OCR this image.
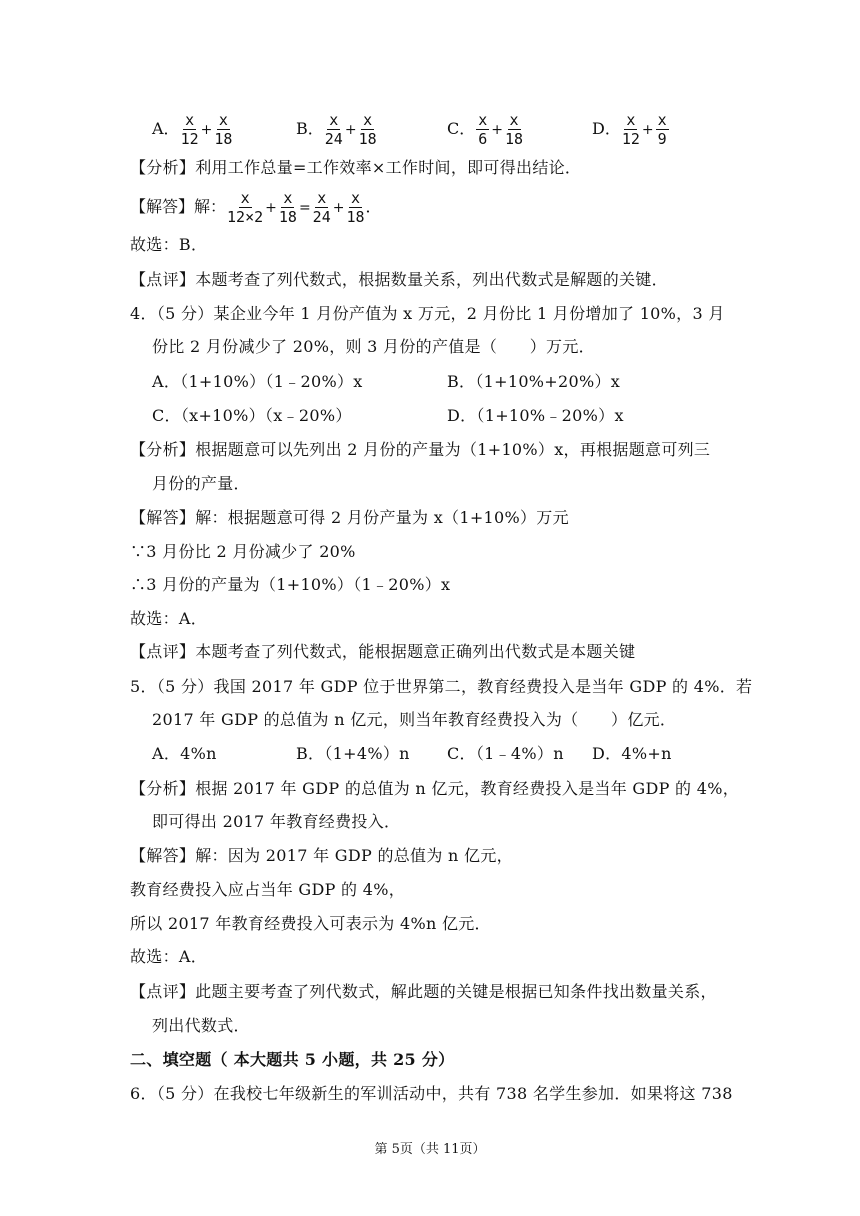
A． $\frac{x}{12} + \frac{x}{18}$	B． $\frac{x}{24} + \frac{x}{18}$	C． $\frac{x}{6} + \frac{x}{18}$	D． $\frac{x}{12} + \frac{x}{9}$
【分析】利用工作总量=工作效率×工作时间，即可得出结论．
【解答】解： $\frac{x}{12\times 2} + \frac{x}{18} = \frac{x}{24} + \frac{x}{18}$ ．
故选：B．
【点评】本题考查了列代数式，根据数量关系，列出代数式是解题的关键．
4．（5 分）某企业今年 1 月份产值为 x 万元，2 月份比 1 月份增加了 10%，3 月
份比 2 月份减少了 20%，则 3 月份的产值是（　　）万元．
A．（1+10%）（1﹣20%）x	B．（1+10%+20%）x
C．（x+10%）（x﹣20%）	D．（1+10%﹣20%）x
【分析】根据题意可以先列出 2 月份的产量为（1+10%）x，再根据题意可列三
月份的产量．
【解答】解：根据题意可得 2 月份产量为 x（1+10%）万元
∵3 月份比 2 月份减少了 20%
∴3 月份的产量为（1+10%）（1﹣20%）x
故选：A．
【点评】本题考查了列代数式，能根据题意正确列出代数式是本题关键
5．（5 分）我国 2017 年 GDP 位于世界第二，教育经费投入是当年 GDP 的 4%．若
2017 年 GDP 的总值为 n 亿元，则当年教育经费投入为（　　）亿元．
A．4%n	B．（1+4%）n C．（1﹣4%）n D．4%+n
【分析】根据 2017 年 GDP 的总值为 n 亿元，教育经费投入是当年 GDP 的 4%，
即可得出 2017 年教育经费投入．
【解答】解：因为 2017 年 GDP 的总值为 n 亿元，
教育经费投入应占当年 GDP 的 4%，
所以 2017 年教育经费投入可表示为 4%n 亿元．
故选：A．
【点评】此题主要考查了列代数式，解此题的关键是根据已知条件找出数量关系，
列出代数式．
二、填空题（ 本大题共 5 小题，共 25 分）
6．（5 分）在我校七年级新生的军训活动中，共有 738 名学生参加．如果将这 738
第 5页（共 11页）
